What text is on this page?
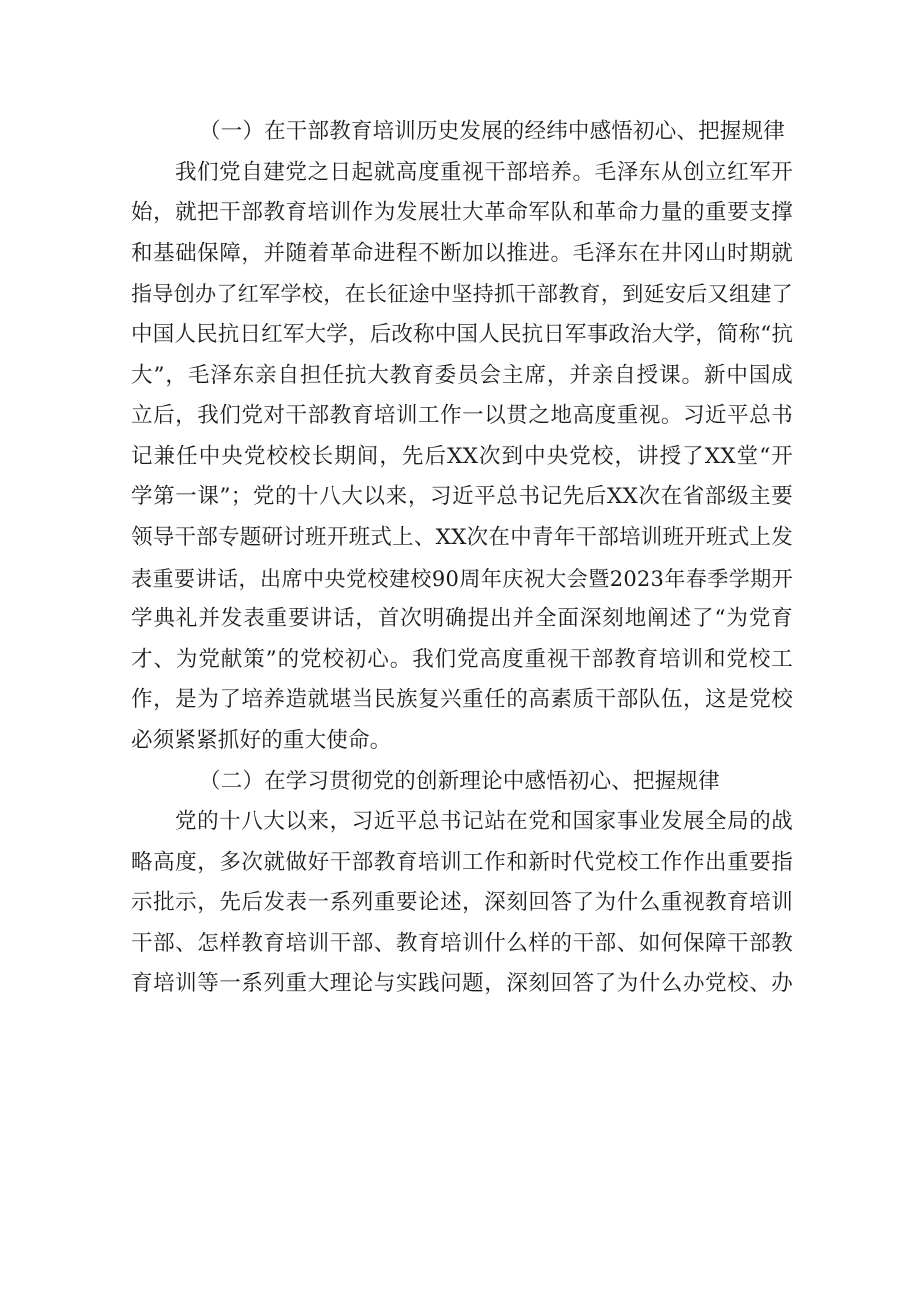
（一）在干部教育培训历史发展的经纬中感悟初心、把握规律
我们党自建党之日起就高度重视干部培养。毛泽东从创立红军开
始，就把干部教育培训作为发展壮大革命军队和革命力量的重要支撑
和基础保障，并随着革命进程不断加以推进。毛泽东在井冈山时期就
指导创办了红军学校，在长征途中坚持抓干部教育，到延安后又组建了
中国人民抗日红军大学，后改称中国人民抗日军事政治大学，简称“抗
大”，毛泽东亲自担任抗大教育委员会主席，并亲自授课。新中国成
立后，我们党对干部教育培训工作一以贯之地高度重视。习近平总书
记兼任中央党校校长期间，先后XX次到中央党校，讲授了XX堂“开
学第一课”；党的十八大以来，习近平总书记先后XX次在省部级主要
领导干部专题研讨班开班式上、XX次在中青年干部培训班开班式上发
表重要讲话，出席中央党校建校90周年庆祝大会暨2023年春季学期开
学典礼并发表重要讲话，首次明确提出并全面深刻地阐述了“为党育
才、为党献策”的党校初心。我们党高度重视干部教育培训和党校工
作，是为了培养造就堪当民族复兴重任的高素质干部队伍，这是党校
必须紧紧抓好的重大使命。
（二）在学习贯彻党的创新理论中感悟初心、把握规律
党的十八大以来，习近平总书记站在党和国家事业发展全局的战
略高度，多次就做好干部教育培训工作和新时代党校工作作出重要指
示批示，先后发表一系列重要论述，深刻回答了为什么重视教育培训
干部、怎样教育培训干部、教育培训什么样的干部、如何保障干部教
育培训等一系列重大理论与实践问题，深刻回答了为什么办党校、办
